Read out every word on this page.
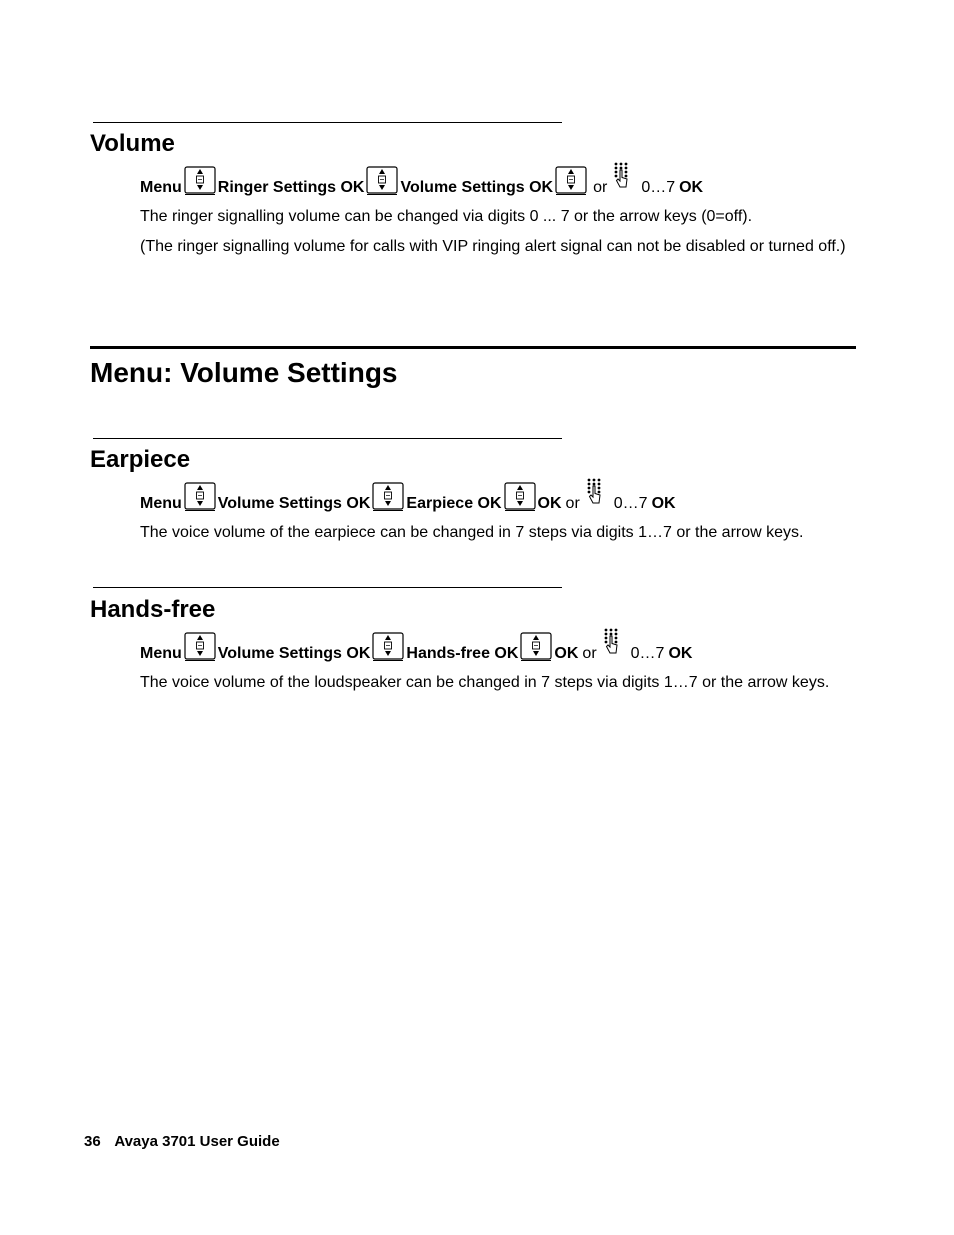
Volume
Menu Ringer Settings OK Volume Settings OK	or 0…7 OK

The ringer signalling volume can be changed via digits 0 ... 7 or the arrow keys (0=off).

(The ringer signalling volume for calls with VIP ringing alert signal can not be disabled or turned off.)

Menu: Volume Settings
Earpiece
Menu Volume Settings OK Earpiece OK OK or 0…7 OK

The voice volume of the earpiece can be changed in 7 steps via digits 1…7 or the arrow keys.

Hands-free
Menu Volume Settings OK Hands-free OK OK or 0…7 OK

The voice volume of the loudspeaker can be changed in 7 steps via digits 1…7 or the arrow keys.

36 Avaya 3701 User Guide
